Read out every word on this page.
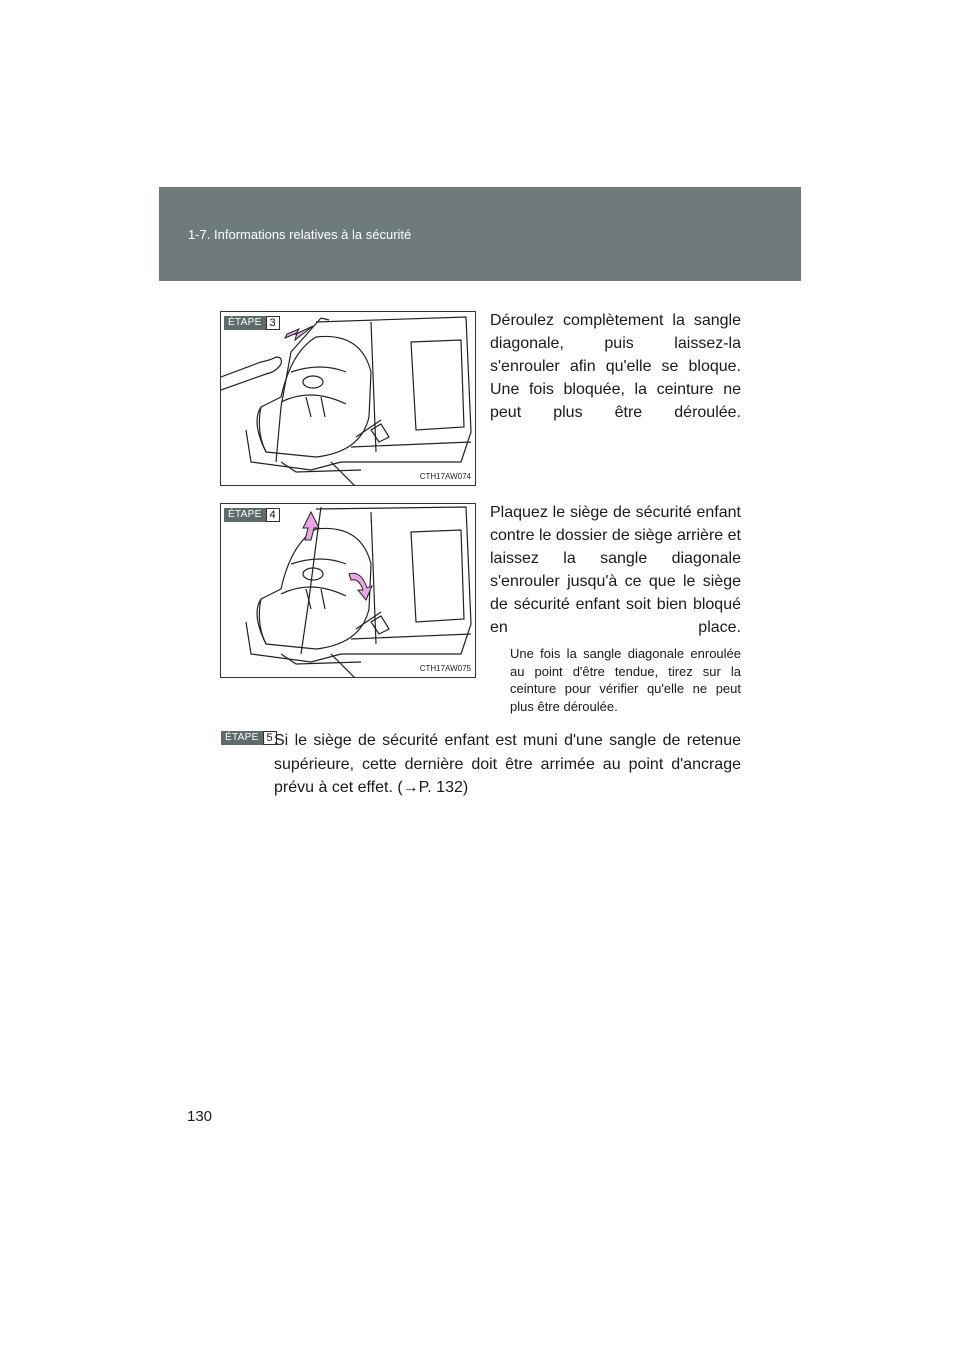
1-7. Informations relatives à la sécurité
ÉTAPE 3
CTH17AW074
Déroulez complètement la sangle diagonale, puis laissez-la s'enrouler afin qu'elle se bloque. Une fois bloquée, la ceinture ne peut plus être déroulée.
ÉTAPE 4
CTH17AW075
Plaquez le siège de sécurité enfant contre le dossier de siège arrière et laissez la sangle diagonale s'enrouler jusqu'à ce que le siège de sécurité enfant soit bien bloqué en place.
Une fois la sangle diagonale enroulée au point d'être tendue, tirez sur la ceinture pour vérifier qu'elle ne peut plus être déroulée.
ÉTAPE 5 Si le siège de sécurité enfant est muni d'une sangle de retenue supérieure, cette dernière doit être arrimée au point d'ancrage prévu à cet effet. (→P. 132)
130
